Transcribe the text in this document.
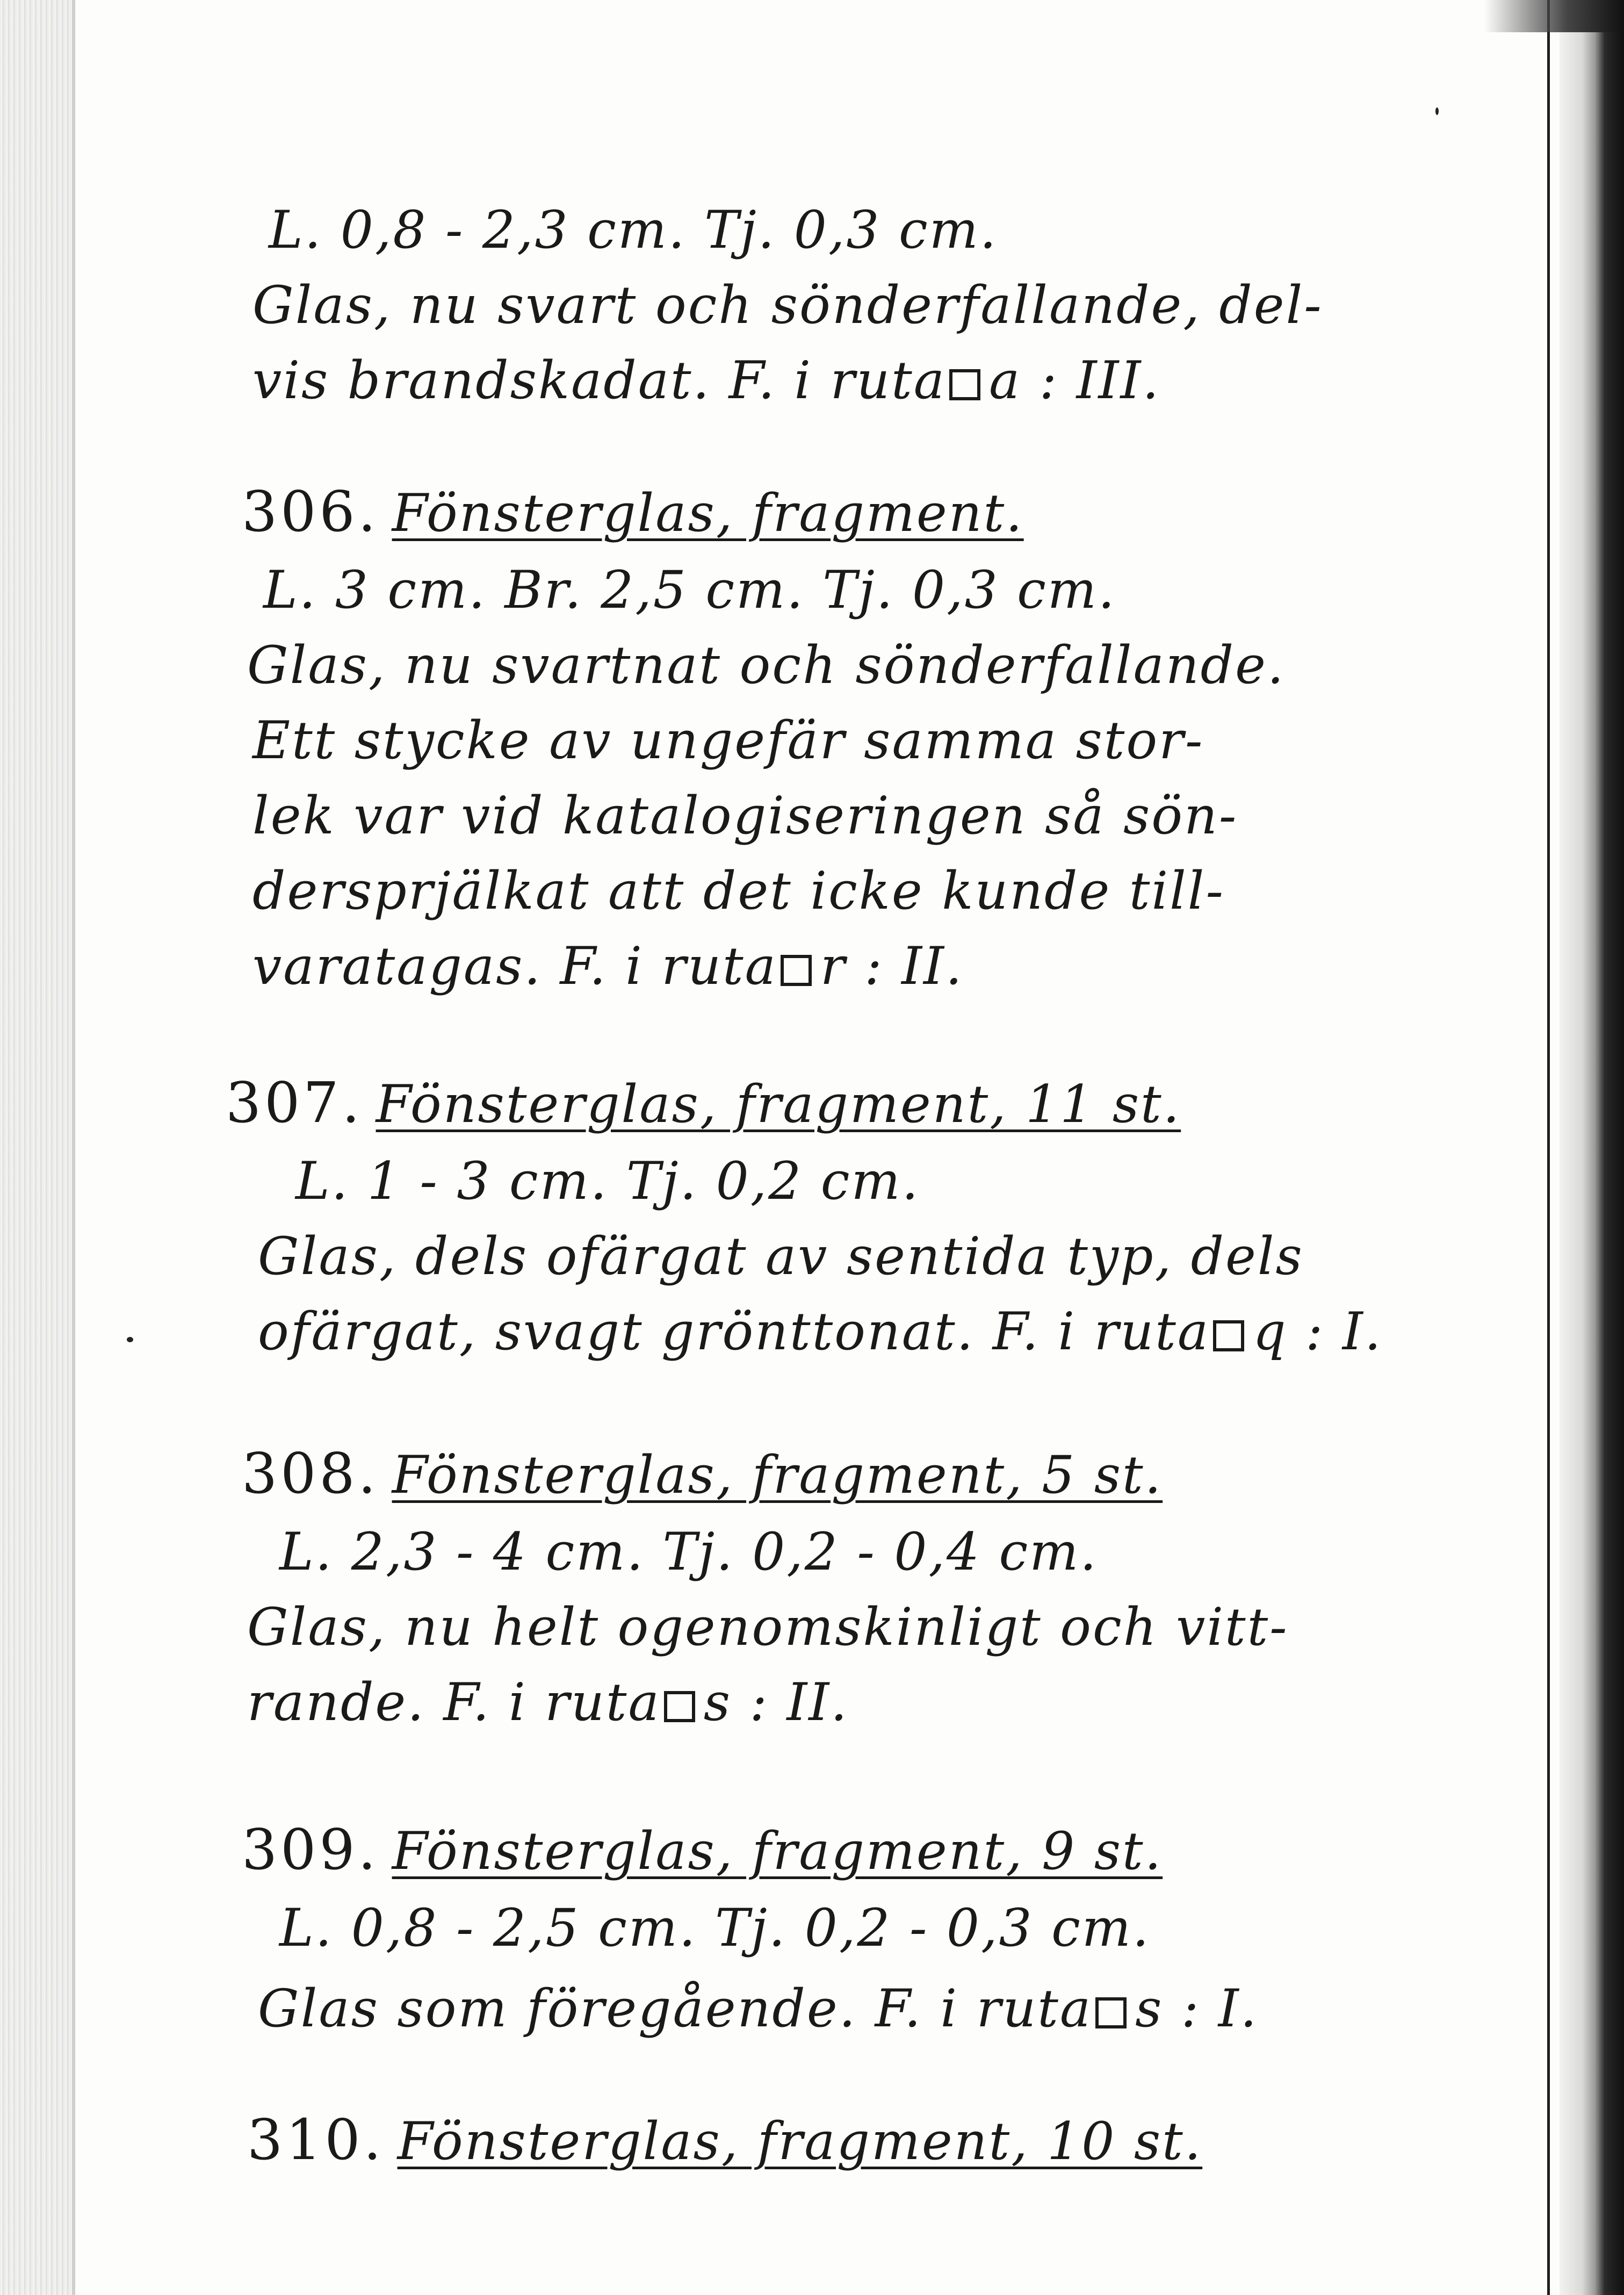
L. 0,8 - 2,3 cm. Tj. 0,3 cm.
Glas, nu svart och sönderfallande, del-
vis brandskadat. F. i ruta a : III.
306. Fönsterglas, fragment.
L. 3 cm. Br. 2,5 cm. Tj. 0,3 cm.
Glas, nu svartnat och sönderfallande.
Ett stycke av ungefär samma stor-
lek var vid katalogiseringen så sön-
dersprjälkat att det icke kunde till-
varatagas. F. i ruta r : II.
307. Fönsterglas, fragment, 11 st.
L. 1 - 3 cm. Tj. 0,2 cm.
Glas, dels ofärgat av sentida typ, dels
ofärgat, svagt grönttonat. F. i ruta q : I.
308. Fönsterglas, fragment, 5 st.
L. 2,3 - 4 cm. Tj. 0,2 - 0,4 cm.
Glas, nu helt ogenomskinligt och vitt-
rande. F. i ruta s : II.
309. Fönsterglas, fragment, 9 st.
L. 0,8 - 2,5 cm. Tj. 0,2 - 0,3 cm.
Glas som föregående. F. i ruta s : I.
310. Fönsterglas, fragment, 10 st.
